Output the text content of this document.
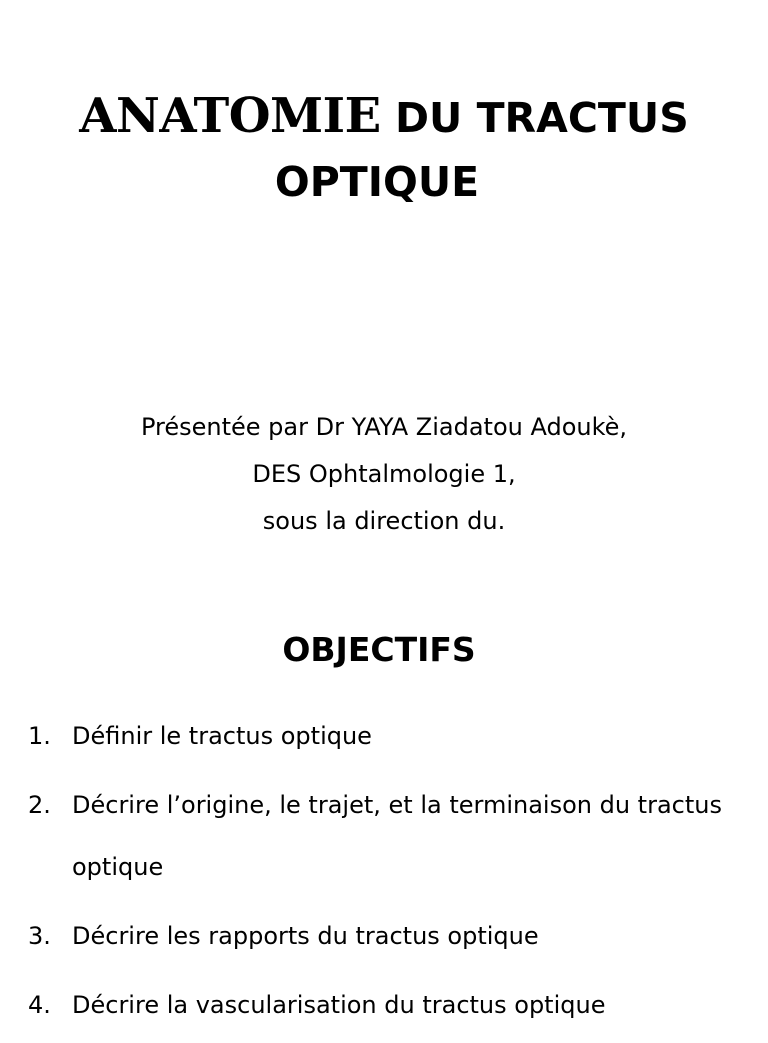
ANATOMIE DU TRACTUS
OPTIQUE
Présentée par Dr YAYA Ziadatou Adoukè,
DES Ophtalmologie 1,
sous la direction du.
OBJECTIFS
1. Définir le tractus optique
2. Décrire l’origine, le trajet, et la terminaison du tractus optique
3. Décrire les rapports du tractus optique
4. Décrire la vascularisation du tractus optique
